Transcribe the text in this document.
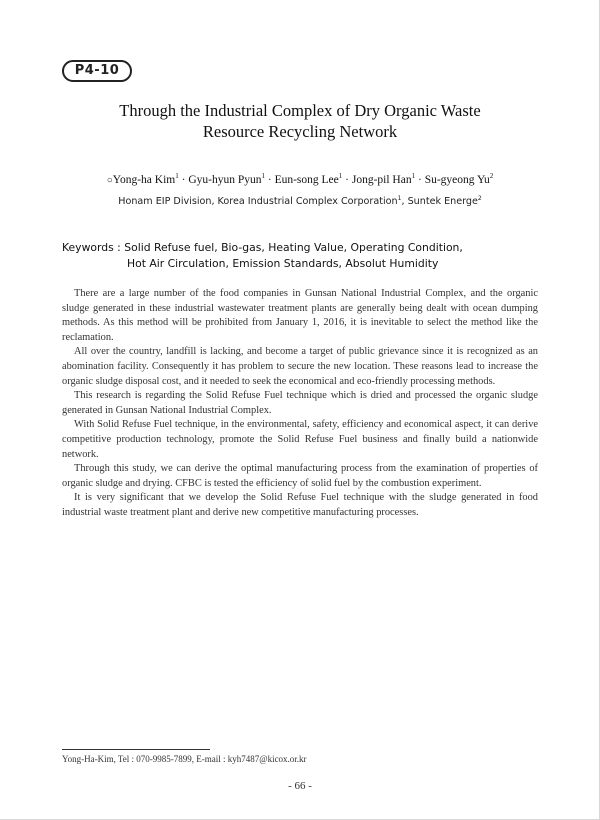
P4-10
Through the Industrial Complex of Dry Organic Waste
Resource Recycling Network
○Yong-ha Kim$^1$ · Gyu-hyun Pyun$^1$ · Eun-song Lee$^1$ · Jong-pil Han$^1$ · Su-gyeong Yu$^2$
Honam EIP Division, Korea Industrial Complex Corporation$^1$, Suntek Energe$^2$
Keywords : Solid Refuse fuel, Bio-gas, Heating Value, Operating Condition,
Hot Air Circulation, Emission Standards, Absolut Humidity

There are a large number of the food companies in Gunsan National Industrial Complex, and the organic sludge generated in these industrial wastewater treatment plants are generally being dealt with ocean dumping methods. As this method will be prohibited from January 1, 2016, it is inevitable to select the method like the reclamation.

All over the country, landfill is lacking, and become a target of public grievance since it is recognized as an abomination facility. Consequently it has problem to secure the new location. These reasons lead to increase the organic sludge disposal cost, and it needed to seek the economical and eco-friendly processing methods.

This research is regarding the Solid Refuse Fuel technique which is dried and processed the organic sludge generated in Gunsan National Industrial Complex.

With Solid Refuse Fuel technique, in the environmental, safety, efficiency and economical aspect, it can derive competitive production technology, promote the Solid Refuse Fuel business and finally build a nationwide network.

Through this study, we can derive the optimal manufacturing process from the examination of properties of organic sludge and drying. CFBC is tested the efficiency of solid fuel by the combustion experiment.

It is very significant that we develop the Solid Refuse Fuel technique with the sludge generated in food industrial waste treatment plant and derive new competitive manufacturing processes.

Yong-Ha-Kim, Tel : 070-9985-7899, E-mail : kyh7487@kicox.or.kr
- 66 -
